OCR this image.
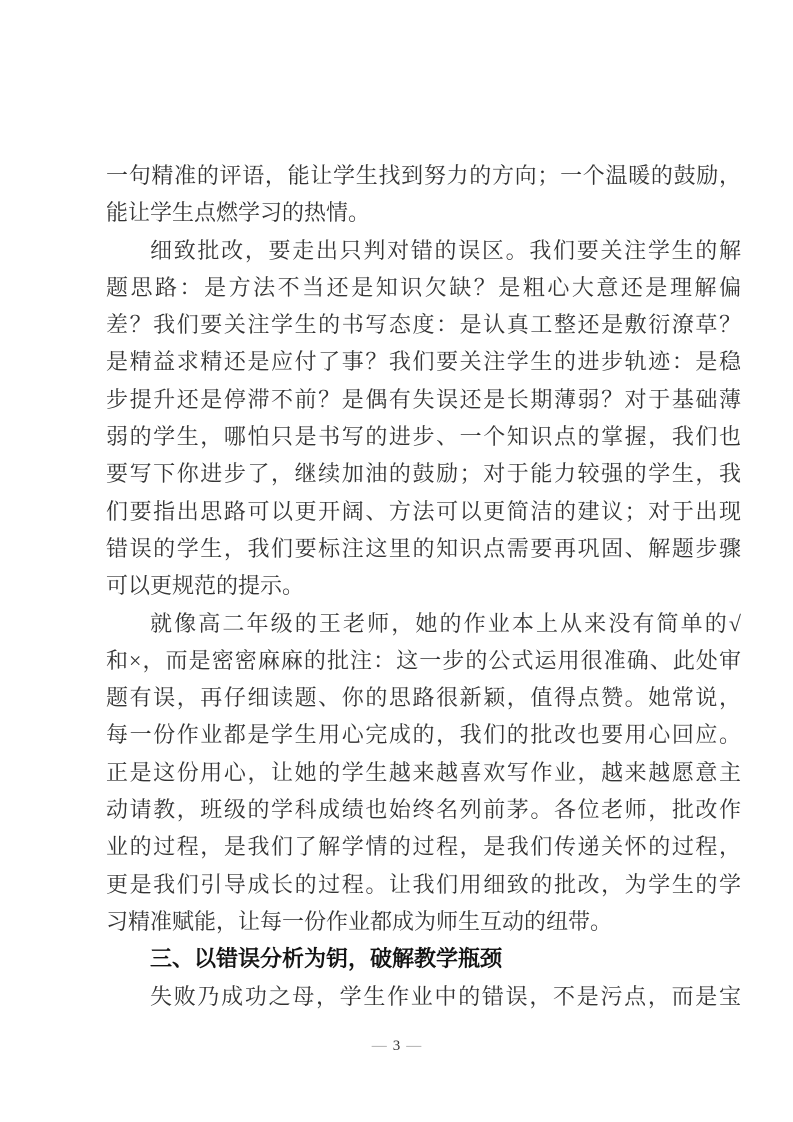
一句精准的评语，能让学生找到努力的方向；一个温暖的鼓励，
能让学生点燃学习的热情。
细致批改，要走出只判对错的误区。我们要关注学生的解
题思路：是方法不当还是知识欠缺？是粗心大意还是理解偏
差？我们要关注学生的书写态度：是认真工整还是敷衍潦草？
是精益求精还是应付了事？我们要关注学生的进步轨迹：是稳
步提升还是停滞不前？是偶有失误还是长期薄弱？对于基础薄
弱的学生，哪怕只是书写的进步、一个知识点的掌握，我们也
要写下你进步了，继续加油的鼓励；对于能力较强的学生，我
们要指出思路可以更开阔、方法可以更简洁的建议；对于出现
错误的学生，我们要标注这里的知识点需要再巩固、解题步骤
可以更规范的提示。
就像高二年级的王老师，她的作业本上从来没有简单的√
和×，而是密密麻麻的批注：这一步的公式运用很准确、此处审
题有误，再仔细读题、你的思路很新颖，值得点赞。她常说，
每一份作业都是学生用心完成的，我们的批改也要用心回应。
正是这份用心，让她的学生越来越喜欢写作业，越来越愿意主
动请教，班级的学科成绩也始终名列前茅。各位老师，批改作
业的过程，是我们了解学情的过程，是我们传递关怀的过程，
更是我们引导成长的过程。让我们用细致的批改，为学生的学
习精准赋能，让每一份作业都成为师生互动的纽带。
三、以错误分析为钥，破解教学瓶颈
失败乃成功之母，学生作业中的错误，不是污点，而是宝
— 3 —
